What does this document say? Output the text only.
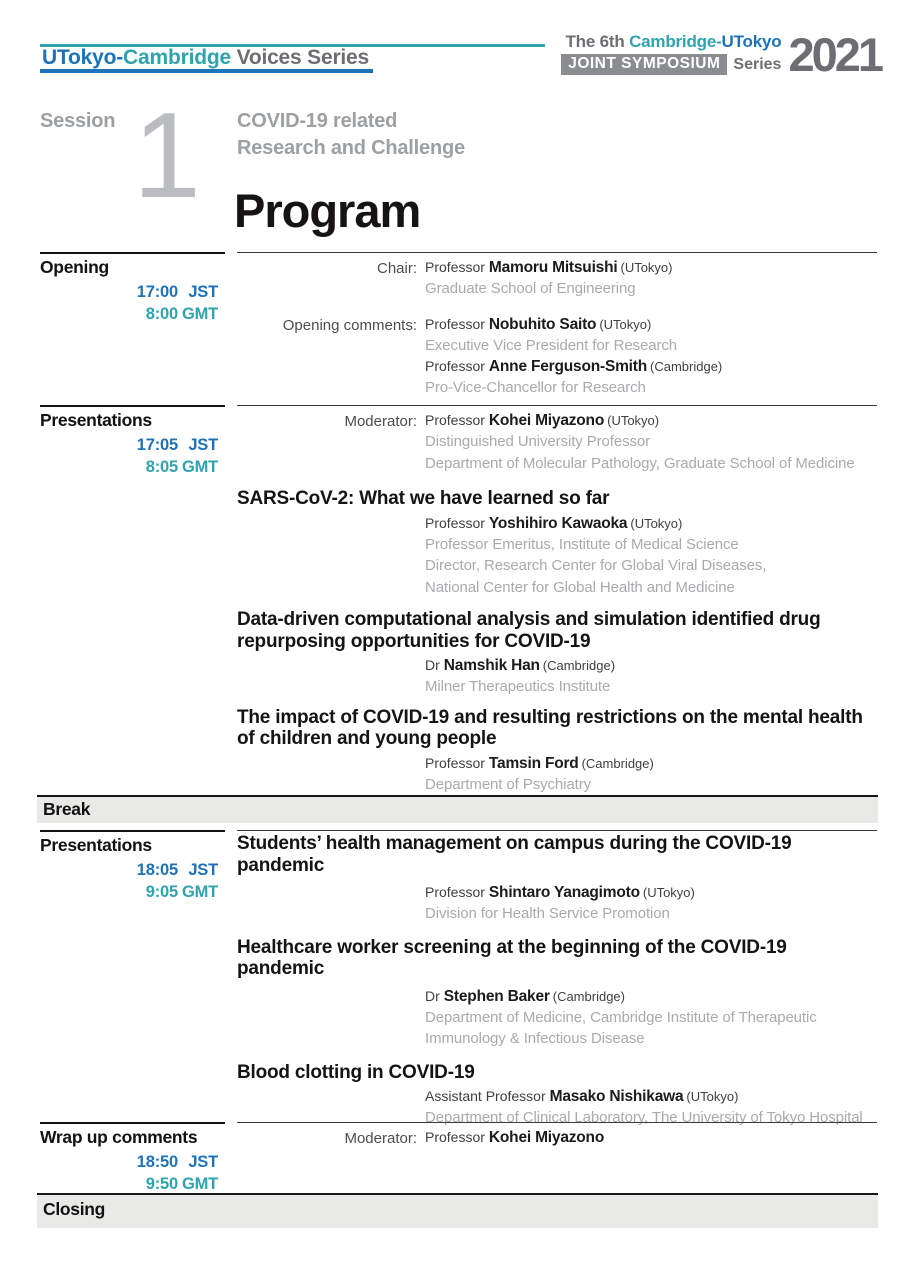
UTokyo-Cambridge Voices Series
The 6th Cambridge-UTokyo
JOINT SYMPOSIUM Series 2021
Session 1 COVID-19 related
Research and Challenge
Program
Opening
17:00 JST
8:00 GMT
Chair: Professor Mamoru Mitsuishi (UTokyo)
Graduate School of Engineering
Opening comments: Professor Nobuhito Saito (UTokyo)
Executive Vice President for Research
Professor Anne Ferguson-Smith (Cambridge)
Pro-Vice-Chancellor for Research
Presentations
17:05 JST
8:05 GMT
Moderator: Professor Kohei Miyazono (UTokyo)
Distinguished University Professor
Department of Molecular Pathology, Graduate School of Medicine
SARS-CoV-2: What we have learned so far
Professor Yoshihiro Kawaoka (UTokyo)
Professor Emeritus, Institute of Medical Science
Director, Research Center for Global Viral Diseases,
National Center for Global Health and Medicine
Data-driven computational analysis and simulation identified drug repurposing opportunities for COVID-19
Dr Namshik Han (Cambridge)
Milner Therapeutics Institute
The impact of COVID-19 and resulting restrictions on the mental health of children and young people
Professor Tamsin Ford (Cambridge)
Department of Psychiatry
Break
Presentations
18:05 JST
9:05 GMT
Students’ health management on campus during the COVID-19 pandemic
Professor Shintaro Yanagimoto (UTokyo)
Division for Health Service Promotion
Healthcare worker screening at the beginning of the COVID-19 pandemic
Dr Stephen Baker (Cambridge)
Department of Medicine, Cambridge Institute of Therapeutic
Immunology & Infectious Disease
Blood clotting in COVID-19
Assistant Professor Masako Nishikawa (UTokyo)
Department of Clinical Laboratory, The University of Tokyo Hospital
Wrap up comments
18:50 JST
9:50 GMT
Moderator: Professor Kohei Miyazono
Closing
